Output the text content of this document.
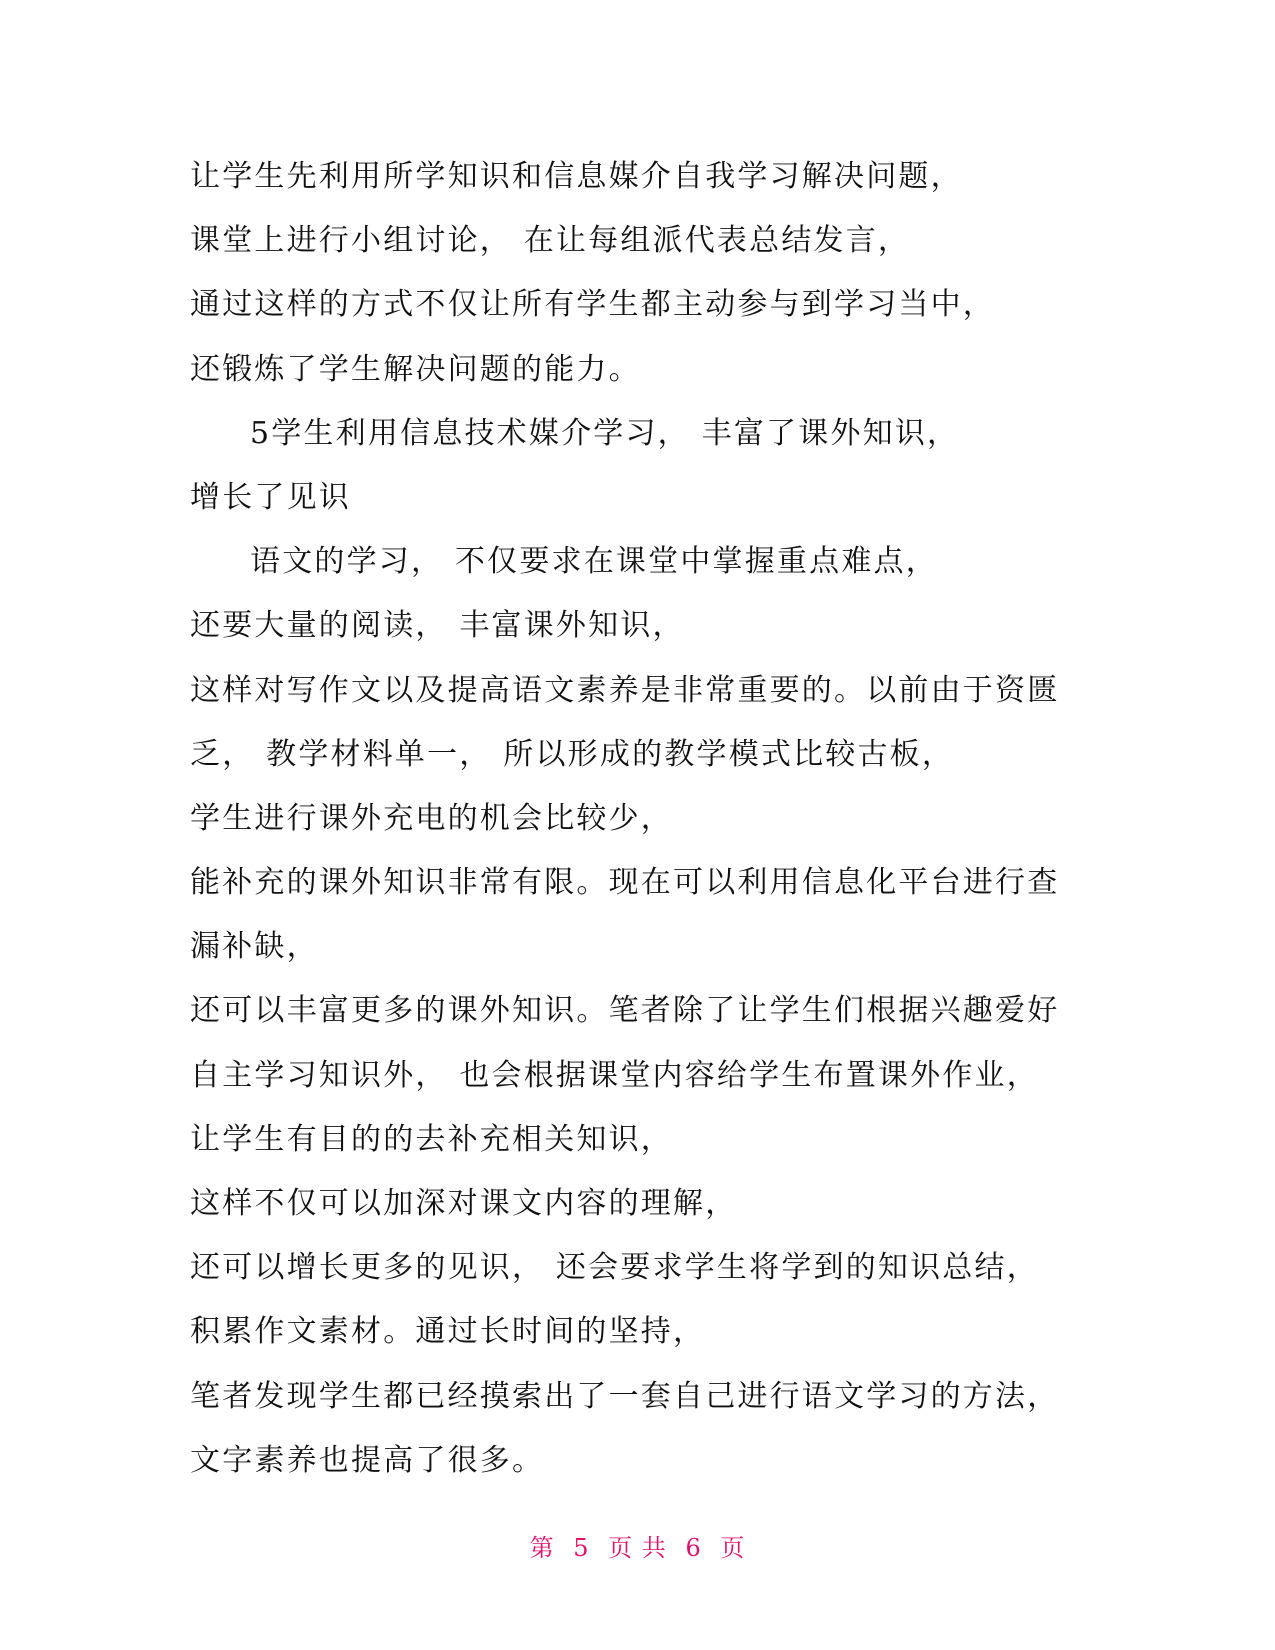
让学生先利用所学知识和信息媒介自我学习解决问题，
课堂上进行小组讨论， 在让每组派代表总结发言，
通过这样的方式不仅让所有学生都主动参与到学习当中，
还锻炼了学生解决问题的能力。
5学生利用信息技术媒介学习， 丰富了课外知识，
增长了见识
语文的学习， 不仅要求在课堂中掌握重点难点，
还要大量的阅读， 丰富课外知识，
这样对写作文以及提高语文素养是非常重要的。以前由于资匮
乏， 教学材料单一， 所以形成的教学模式比较古板，
学生进行课外充电的机会比较少，
能补充的课外知识非常有限。现在可以利用信息化平台进行查
漏补缺，
还可以丰富更多的课外知识。笔者除了让学生们根据兴趣爱好
自主学习知识外， 也会根据课堂内容给学生布置课外作业，
让学生有目的的去补充相关知识，
这样不仅可以加深对课文内容的理解，
还可以增长更多的见识， 还会要求学生将学到的知识总结，
积累作文素材。通过长时间的坚持，
笔者发现学生都已经摸索出了一套自己进行语文学习的方法，
文字素养也提高了很多。
第 5 页 共 6 页
